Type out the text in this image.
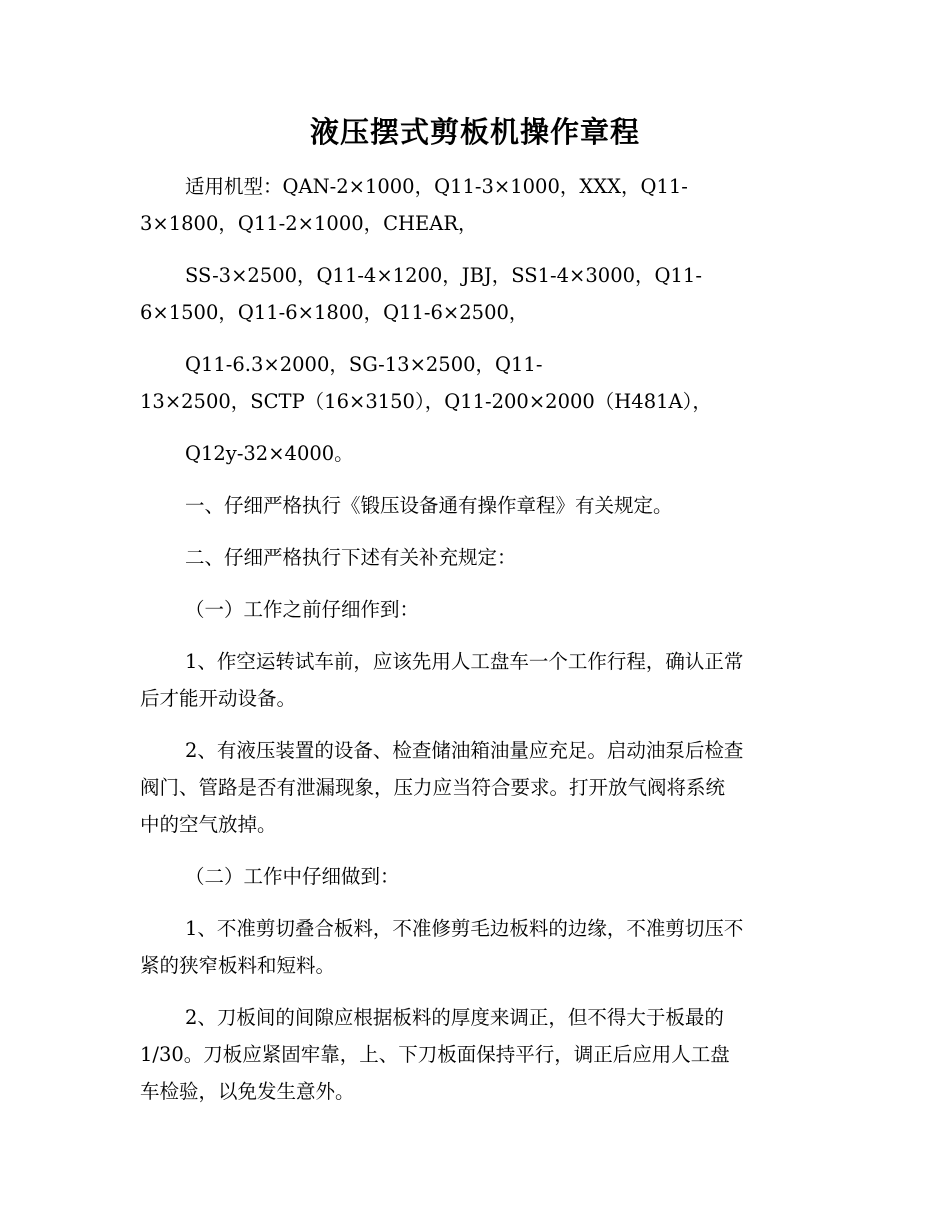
液压摆式剪板机操作章程
适用机型：QAN-2×1000，Q11-3×1000，XXX，Q11-
3×1800，Q11-2×1000，CHEAR，
SS-3×2500，Q11-4×1200，JBJ，SS1-4×3000，Q11-
6×1500，Q11-6×1800，Q11-6×2500，
Q11-6.3×2000，SG-13×2500，Q11-
13×2500，SCTP（16×3150），Q11-200×2000（H481A），
Q12y-32×4000。
一、仔细严格执行《锻压设备通有操作章程》有关规定。
二、仔细严格执行下述有关补充规定：
（一）工作之前仔细作到：
1、作空运转试车前，应该先用人工盘车一个工作行程，确认正常
后才能开动设备。
2、有液压装置的设备、检查储油箱油量应充足。启动油泵后检查
阀门、管路是否有泄漏现象，压力应当符合要求。打开放气阀将系统
中的空气放掉。
（二）工作中仔细做到：
1、不准剪切叠合板料，不准修剪毛边板料的边缘，不准剪切压不
紧的狭窄板料和短料。
2、刀板间的间隙应根据板料的厚度来调正，但不得大于板最的
1/30。刀板应紧固牢靠，上、下刀板面保持平行，调正后应用人工盘
车检验，以免发生意外。
